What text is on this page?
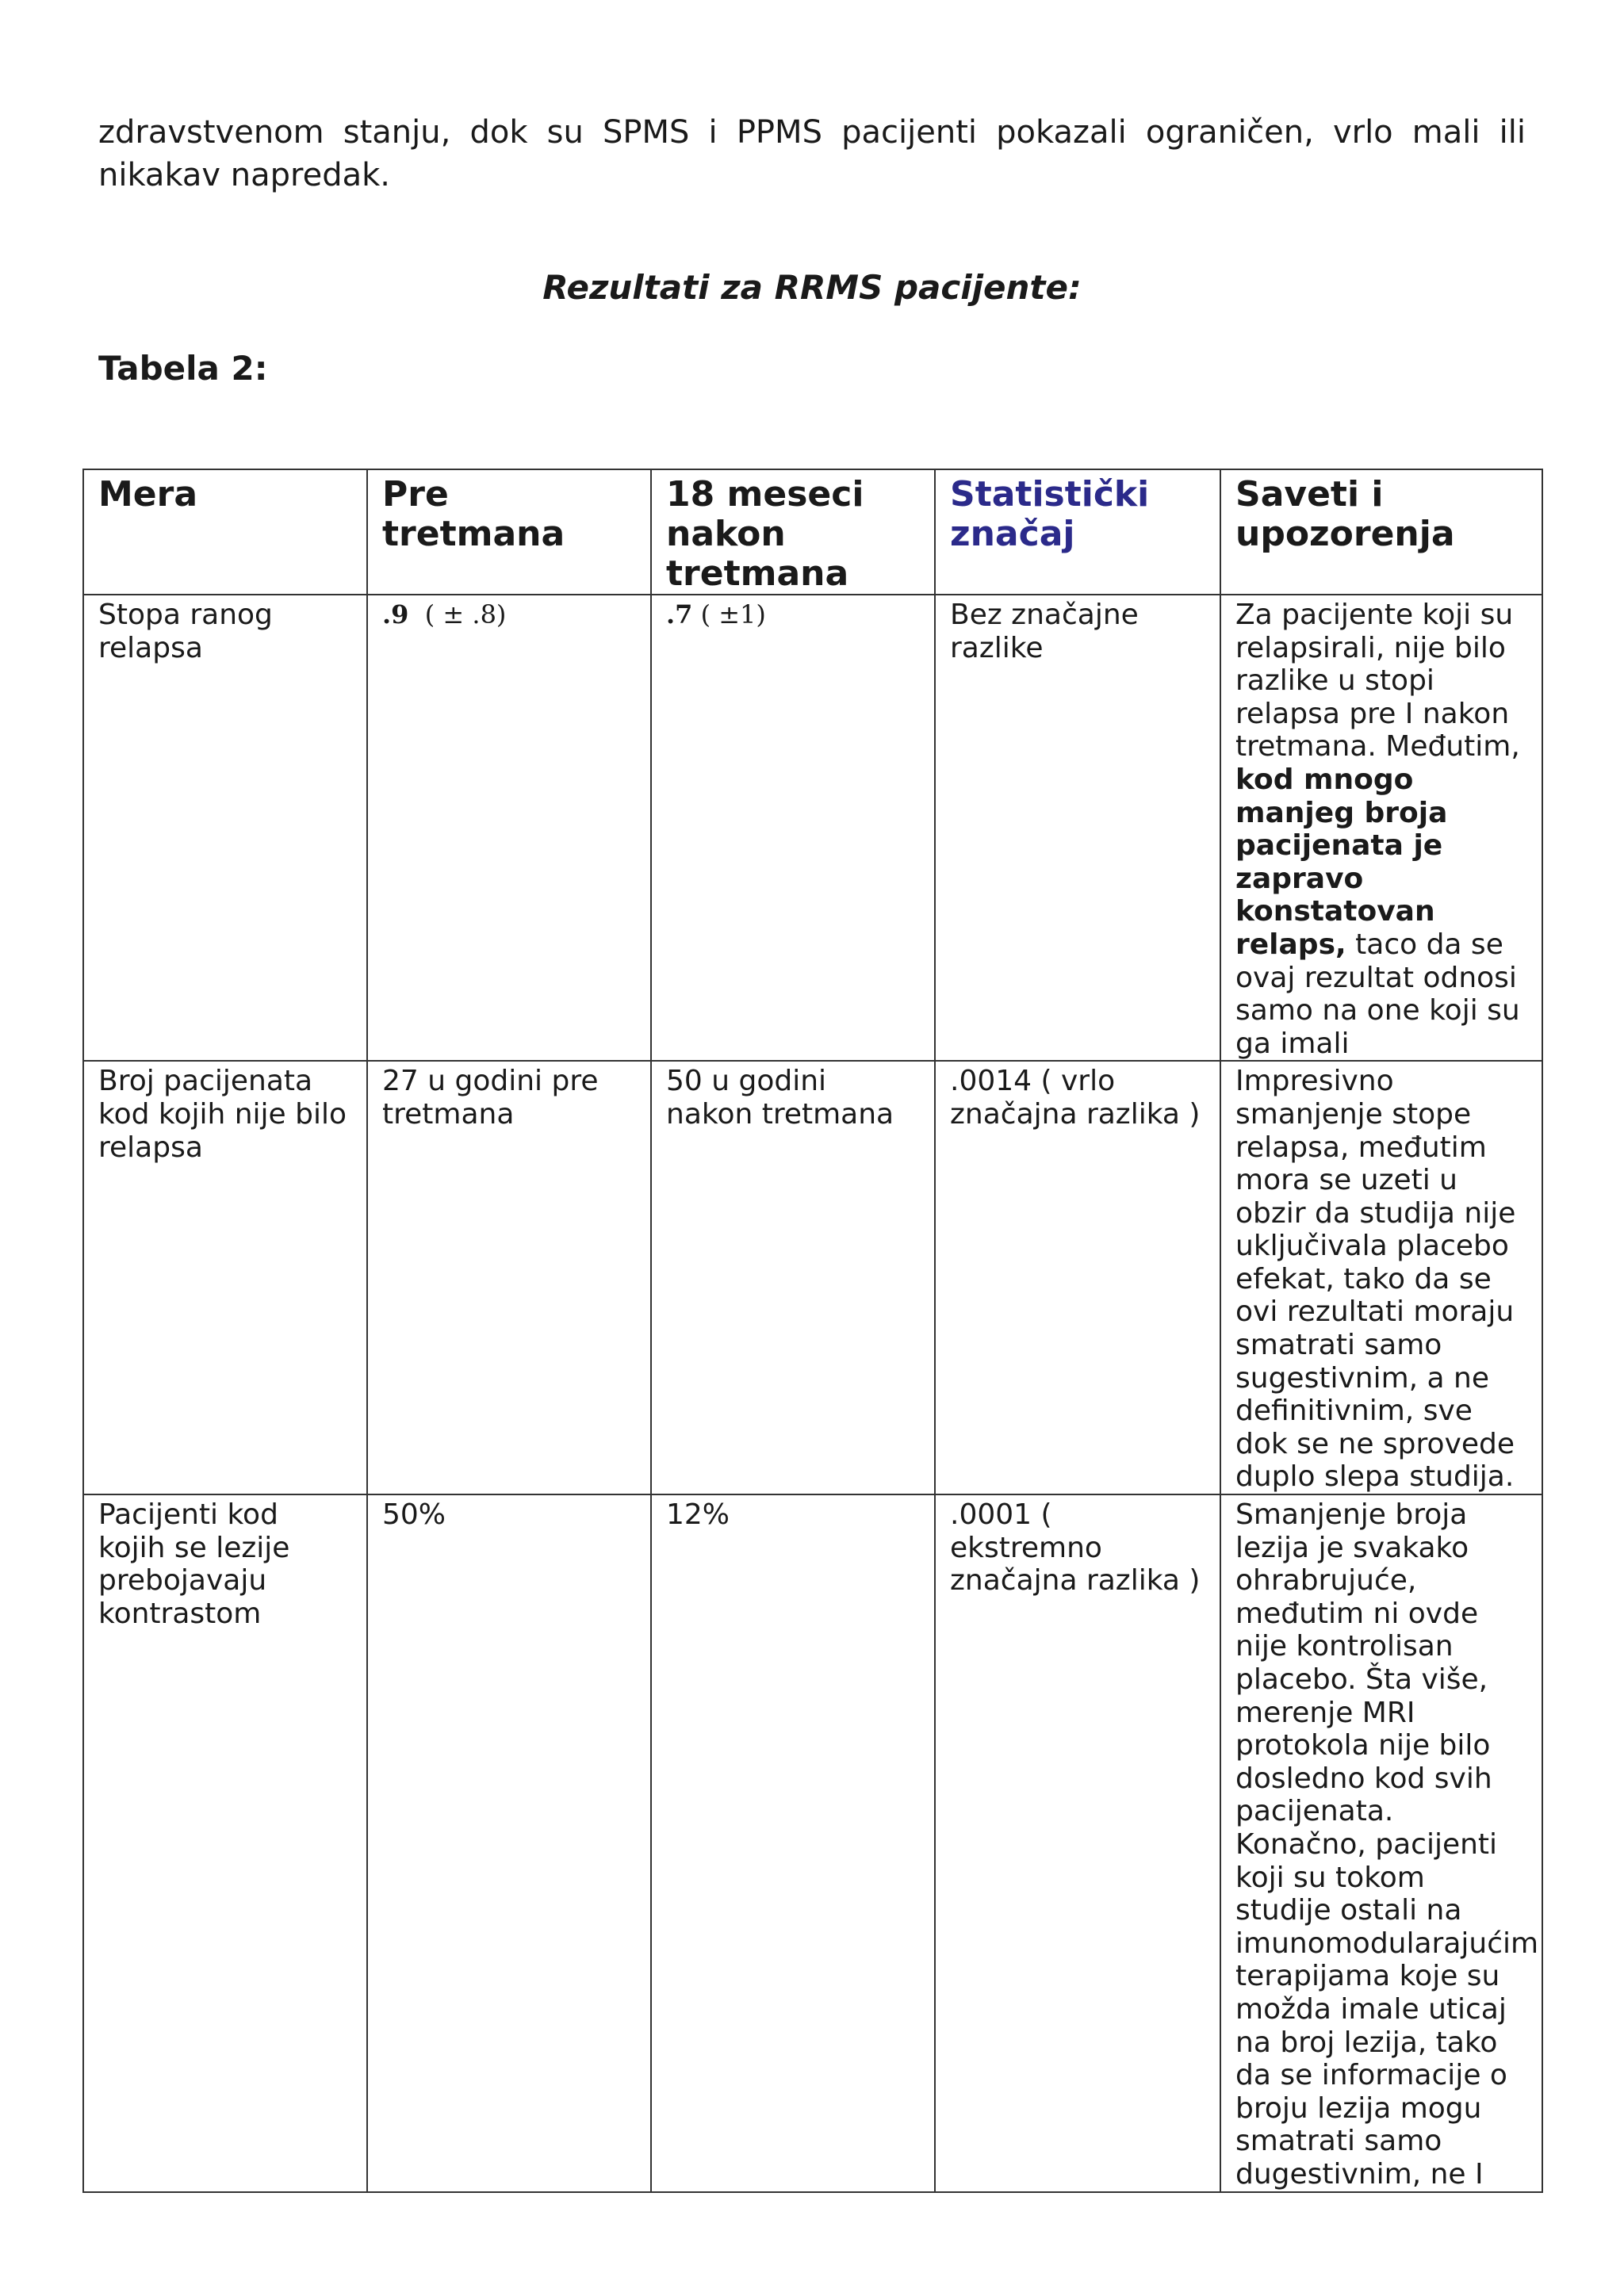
zdravstvenom stanju, dok su SPMS i PPMS pacijenti pokazali ograničen, vrlo mali ili nikakav napredak.

Rezultati za RRMS pacijente:
Tabela 2:
Mera	Pre tretmana	18 meseci nakon tretmana	Statistički značaj	Saveti i upozorenja
Stopa ranog relapsa	.9 ( ± .8)	.7 ( ±1)	Bez značajne razlike	Za pacijente koji su relapsirali, nije bilo razlike u stopi relapsa pre I nakon tretmana. Međutim, kod mnogo manjeg broja pacijenata je zapravo konstatovan relaps, taco da se ovaj rezultat odnosi samo na one koji su ga imali
Broj pacijenata kod kojih nije bilo relapsa	27 u godini pre tretmana	50 u godini nakon tretmana	.0014 ( vrlo značajna razlika )	Impresivno smanjenje stope relapsa, međutim mora se uzeti u obzir da studija nije uključivala placebo efekat, tako da se ovi rezultati moraju smatrati samo sugestivnim, a ne definitivnim, sve dok se ne sprovede duplo slepa studija.
Pacijenti kod kojih se lezije prebojavaju kontrastom	50%	12%	.0001 ( ekstremno značajna razlika )	Smanjenje broja lezija je svakako ohrabrujuće, međutim ni ovde nije kontrolisan placebo. Šta više, merenje MRI protokola nije bilo dosledno kod svih pacijenata. Konačno, pacijenti koji su tokom studije ostali na imunomodularajućim terapijama koje su možda imale uticaj na broj lezija, tako da se informacije o broju lezija mogu smatrati samo dugestivnim, ne I
